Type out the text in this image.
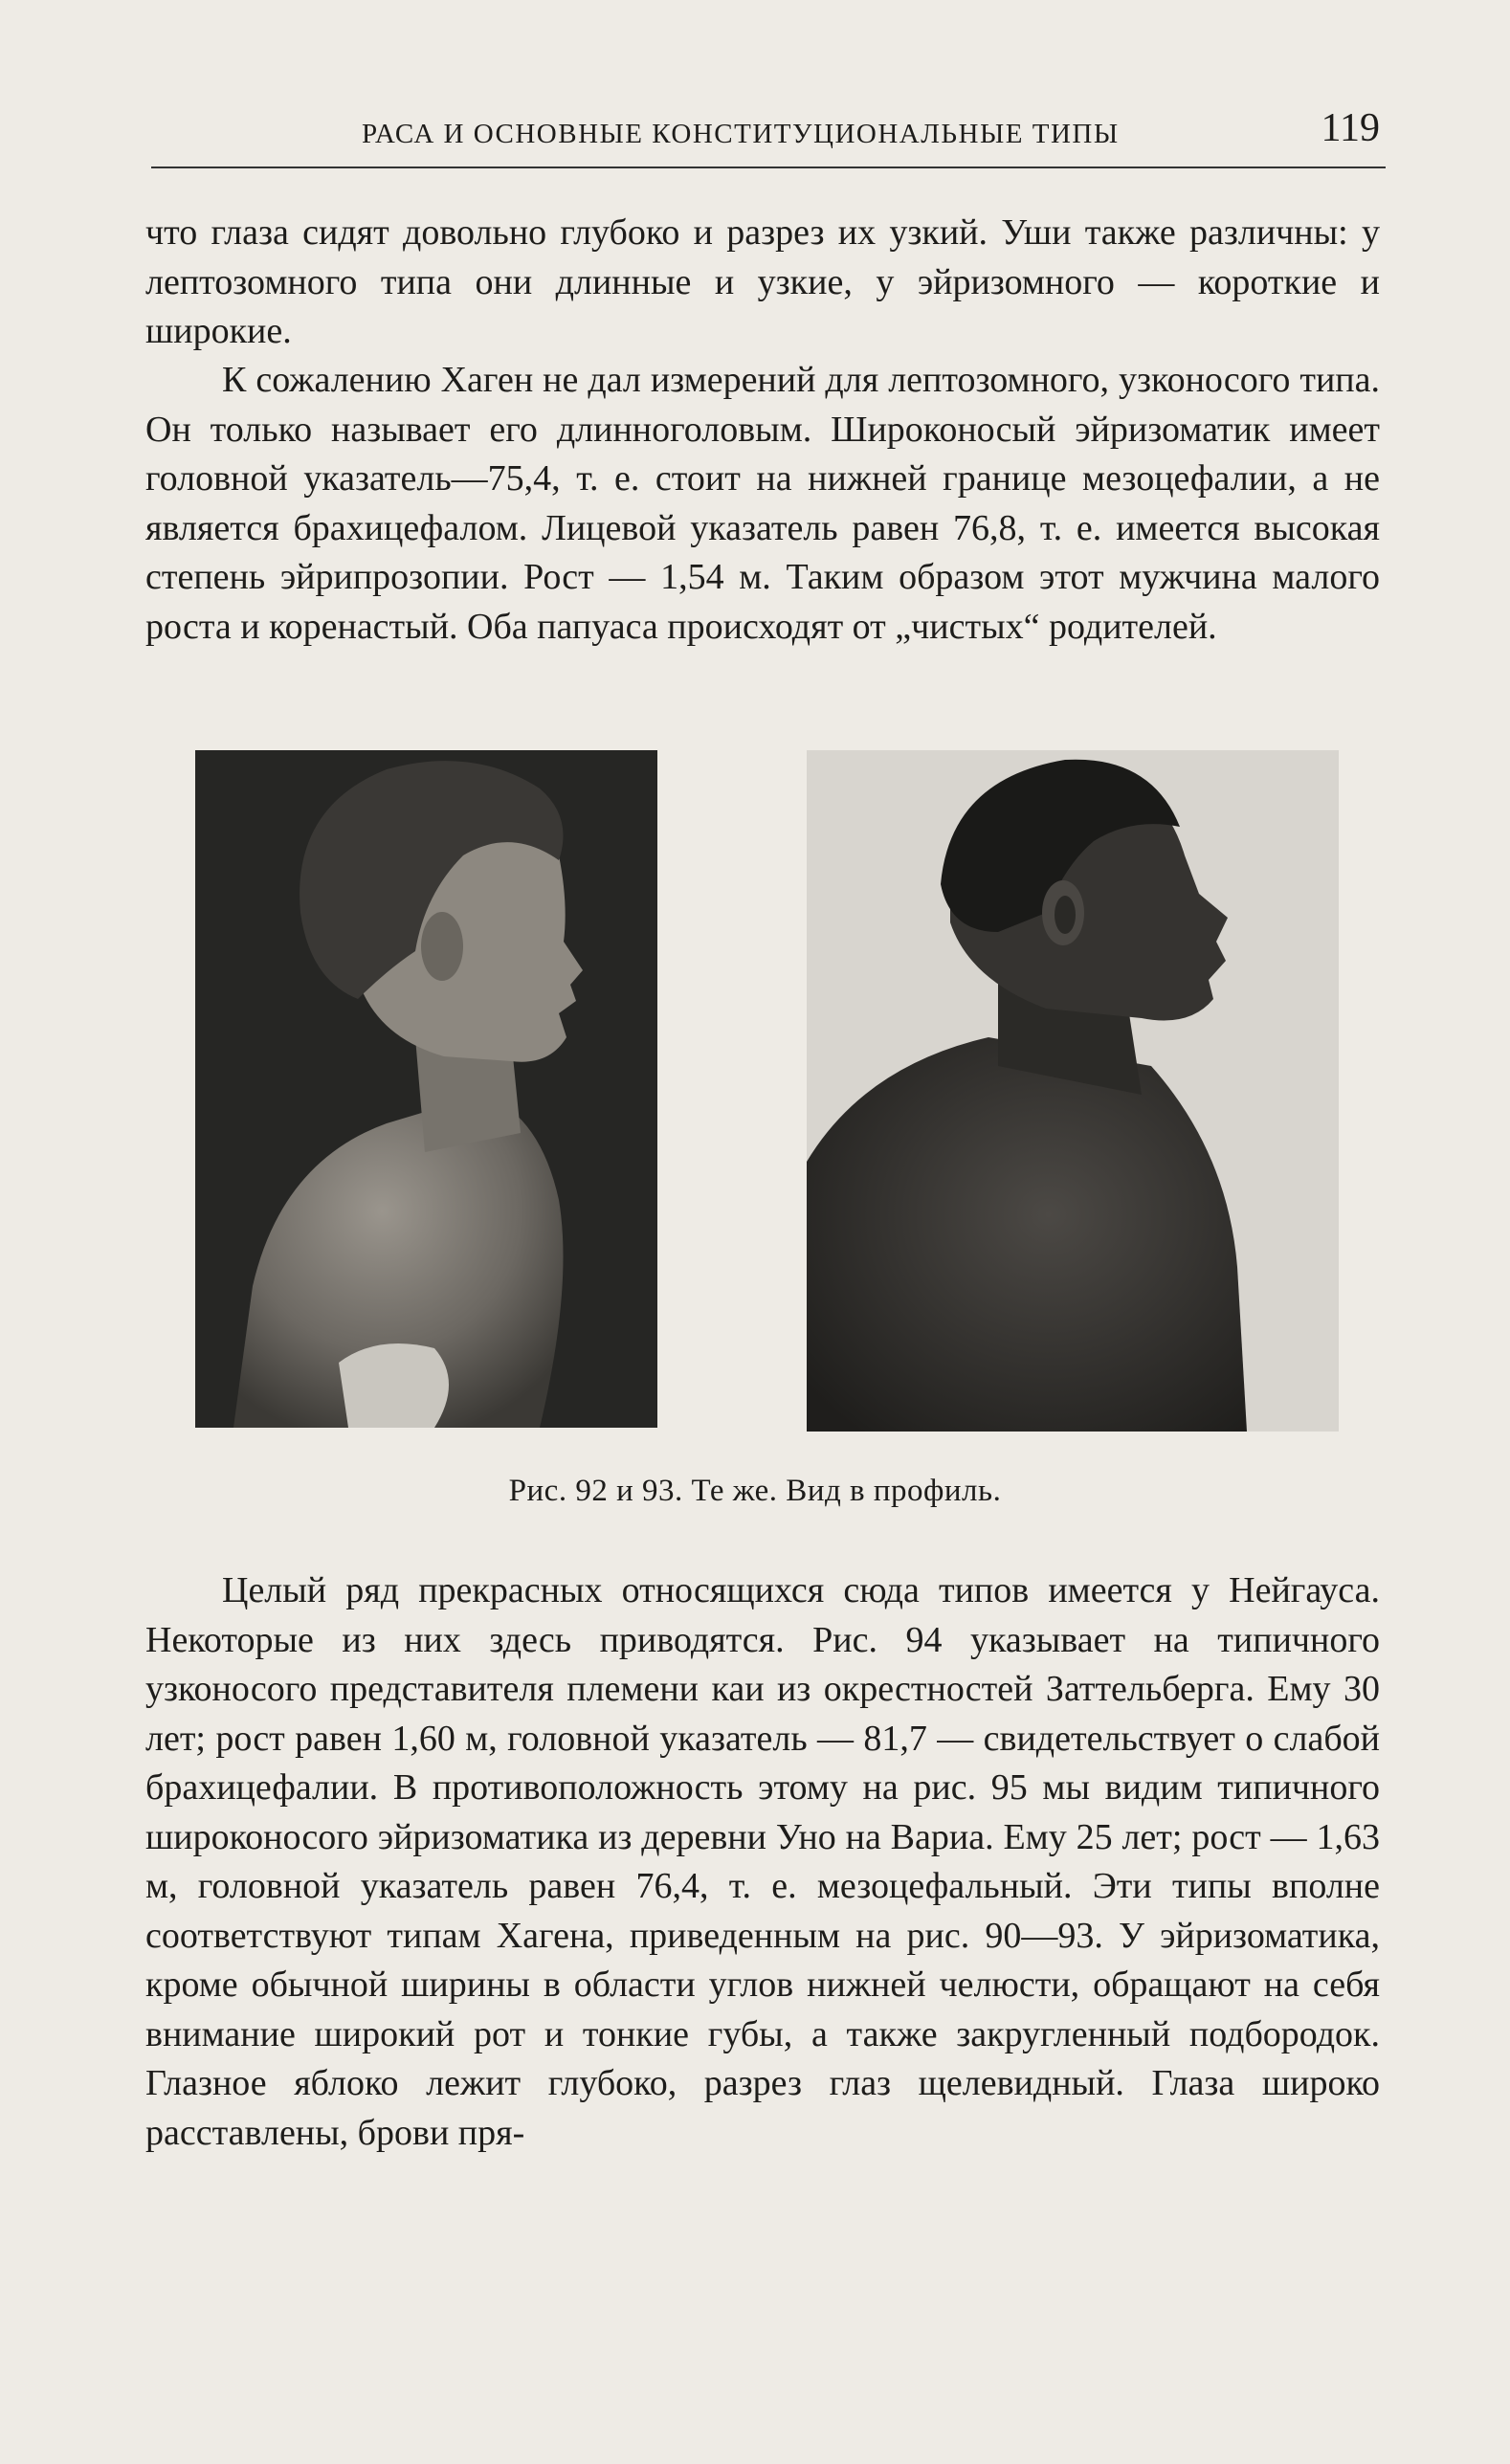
РАСА И ОСНОВНЫЕ КОНСТИТУЦИОНАЛЬНЫЕ ТИПЫ	119

что глаза сидят довольно глубоко и разрез их узкий. Уши также различны: у лептозомного типа они длинные и узкие, у эйризомного — короткие и широкие.

К сожалению Хаген не дал измерений для лептозомного, узконосого типа. Он только называет его длинноголовым. Широконосый эйризоматик имеет головной указатель—75,4, т. е. стоит на нижней границе мезоцефалии, а не является брахицефалом. Лицевой указатель равен 76,8, т. е. имеется высокая степень эйрипрозопии. Рост — 1,54 м. Таким образом этот мужчина малого роста и коренастый. Оба папуаса происходят от „чистых“ родителей.

Рис. 92 и 93. Те же. Вид в профиль.

Целый ряд прекрасных относящихся сюда типов имеется у Нейгауса. Некоторые из них здесь приводятся. Рис. 94 указывает на типичного узконосого представителя племени каи из окрестностей Заттельберга. Ему 30 лет; рост равен 1,60 м, головной указатель — 81,7 — свидетельствует о слабой брахицефалии. В противоположность этому на рис. 95 мы видим типичного широконосого эйризоматика из деревни Уно на Вариа. Ему 25 лет; рост — 1,63 м, головной указатель равен 76,4, т. е. мезоцефальный. Эти типы вполне соответствуют типам Хагена, приведенным на рис. 90—93. У эйризоматика, кроме обычной ширины в области углов нижней челюсти, обращают на себя внимание широкий рот и тонкие губы, а также закругленный подбородок. Глазное яблоко лежит глубоко, разрез глаз щелевидный. Глаза широко расставлены, брови пря-
